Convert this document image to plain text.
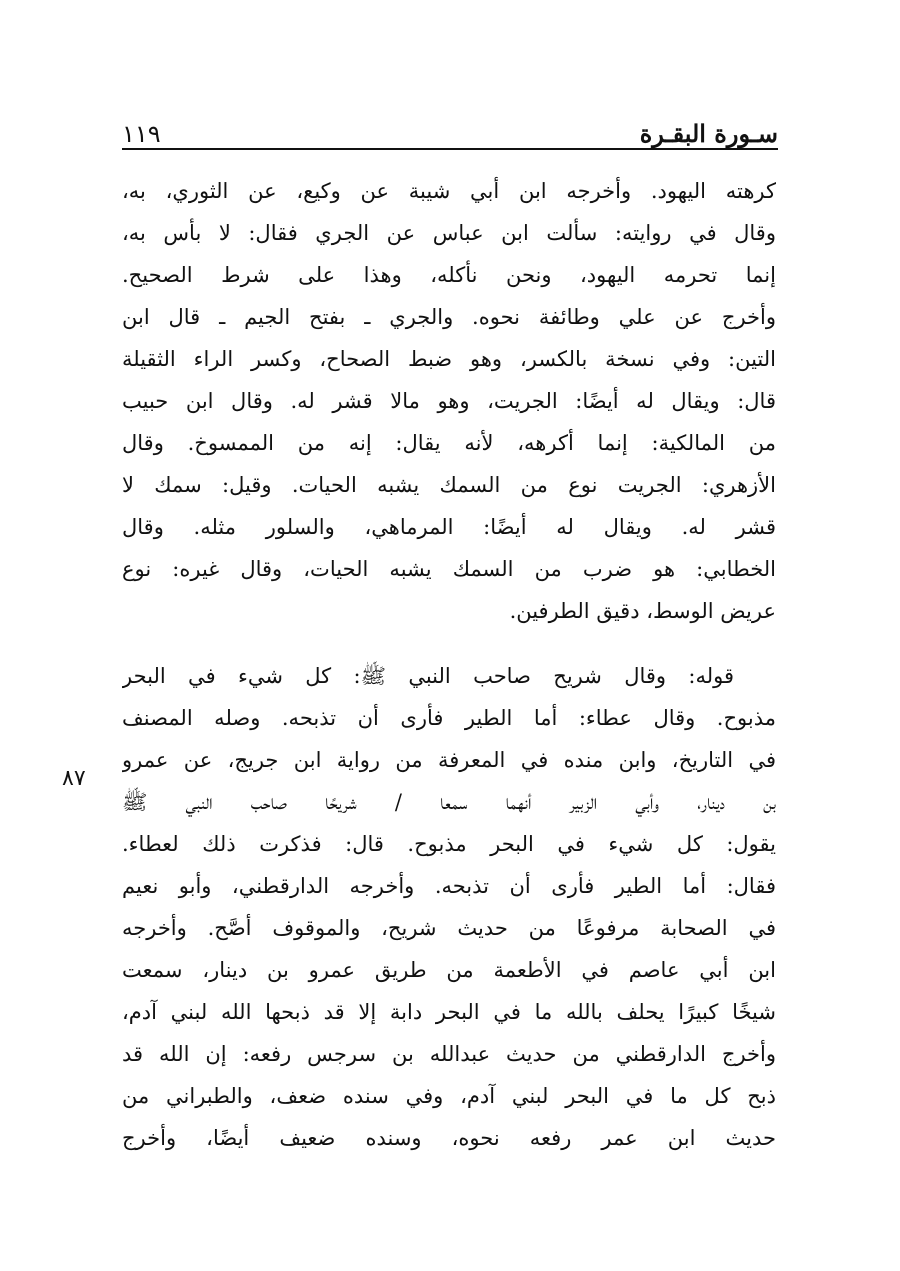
سـورة البقـرة
١١٩
كرهته اليهود. وأخرجه ابن أبي شيبة عن وكيع، عن الثوري، به،
وقال في روايته: سألت ابن عباس عن الجري فقال: لا بأس به،
إنما تحرمه اليهود، ونحن نأكله، وهذا على شرط الصحيح.
وأخرج عن علي وطائفة نحوه. والجري ـ بفتح الجيم ـ قال ابن
التين: وفي نسخة بالكسر، وهو ضبط الصحاح، وكسر الراء الثقيلة
قال: ويقال له أيضًا: الجريت، وهو مالا قشر له. وقال ابن حبيب
من المالكية: إنما أكرهه، لأنه يقال: إنه من الممسوخ. وقال
الأزهري: الجريت نوع من السمك يشبه الحيات. وقيل: سمك لا
قشر له. ويقال له أيضًا: المرماهي، والسلور مثله. وقال
الخطابي: هو ضرب من السمك يشبه الحيات، وقال غيره: نوع
عريض الوسط، دقيق الطرفين.
٨٧
قوله: وقال شريح صاحب النبي ﷺ: كل شيء في البحر
مذبوح. وقال عطاء: أما الطير فأرى أن تذبحه. وصله المصنف
في التاريخ، وابن منده في المعرفة من رواية ابن جريج، عن عمرو
بن دينار، وأبي الزبير أنهما سمعا / شريحًا صاحب النبي ﷺ
يقول: كل شيء في البحر مذبوح. قال: فذكرت ذلك لعطاء.
فقال: أما الطير فأرى أن تذبحه. وأخرجه الدارقطني، وأبو نعيم
في الصحابة مرفوعًا من حديث شريح، والموقوف أصَّح. وأخرجه
ابن أبي عاصم في الأطعمة من طريق عمرو بن دينار، سمعت
شيخًا كبيرًا يحلف بالله ما في البحر دابة إلا قد ذبحها الله لبني آدم،
وأخرج الدارقطني من حديث عبدالله بن سرجس رفعه: إن الله قد
ذبح كل ما في البحر لبني آدم، وفي سنده ضعف، والطبراني من
حديث ابن عمر رفعه نحوه، وسنده ضعيف أيضًا، وأخرج
